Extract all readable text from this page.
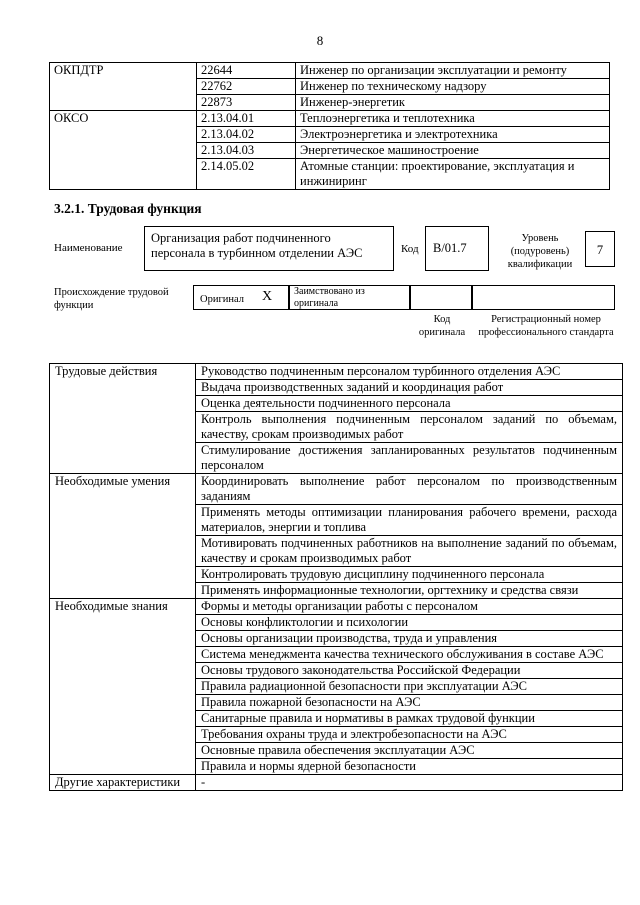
8
ОКПДТР	22644	Инженер по организации эксплуатации и ремонту
	22762	Инженер по техническому надзору
	22873	Инженер-энергетик
ОКСО	2.13.04.01	Теплоэнергетика и теплотехника
	2.13.04.02	Электроэнергетика и электротехника
	2.13.04.03	Энергетическое машиностроение
	2.14.05.02	Атомные станции: проектирование, эксплуатация и инжиниринг
3.2.1. Трудовая функция
Наименование
Организация работ подчиненного персонала в турбинном отделении АЭС	Код	B/01.7
Уровень (подуровень) квалификации
7
Происхождение трудовой функции
Оригинал X Заимствовано из оригинала
Код оригинала
Регистрационный номер профессионального стандарта
Трудовые действия	Руководство подчиненным персоналом турбинного отделения АЭС
	Выдача производственных заданий и координация работ
	Оценка деятельности подчиненного персонала
	Контроль выполнения подчиненным персоналом заданий по объемам, качеству, срокам производимых работ
	Стимулирование достижения запланированных результатов подчиненным персоналом
Необходимые умения	Координировать выполнение работ персоналом по производственным заданиям
	Применять методы оптимизации планирования рабочего времени, расхода материалов, энергии и топлива
	Мотивировать подчиненных работников на выполнение заданий по объемам, качеству и срокам производимых работ
	Контролировать трудовую дисциплину подчиненного персонала
	Применять информационные технологии, оргтехнику и средства связи
Необходимые знания	Формы и методы организации работы с персоналом
	Основы конфликтологии и психологии
	Основы организации производства, труда и управления
	Система менеджмента качества технического обслуживания в составе АЭС
	Основы трудового законодательства Российской Федерации
	Правила радиационной безопасности при эксплуатации АЭС
	Правила пожарной безопасности на АЭС
	Санитарные правила и нормативы в рамках трудовой функции
	Требования охраны труда и электробезопасности на АЭС
	Основные правила обеспечения эксплуатации АЭС
	Правила и нормы ядерной безопасности
Другие характеристики	-
